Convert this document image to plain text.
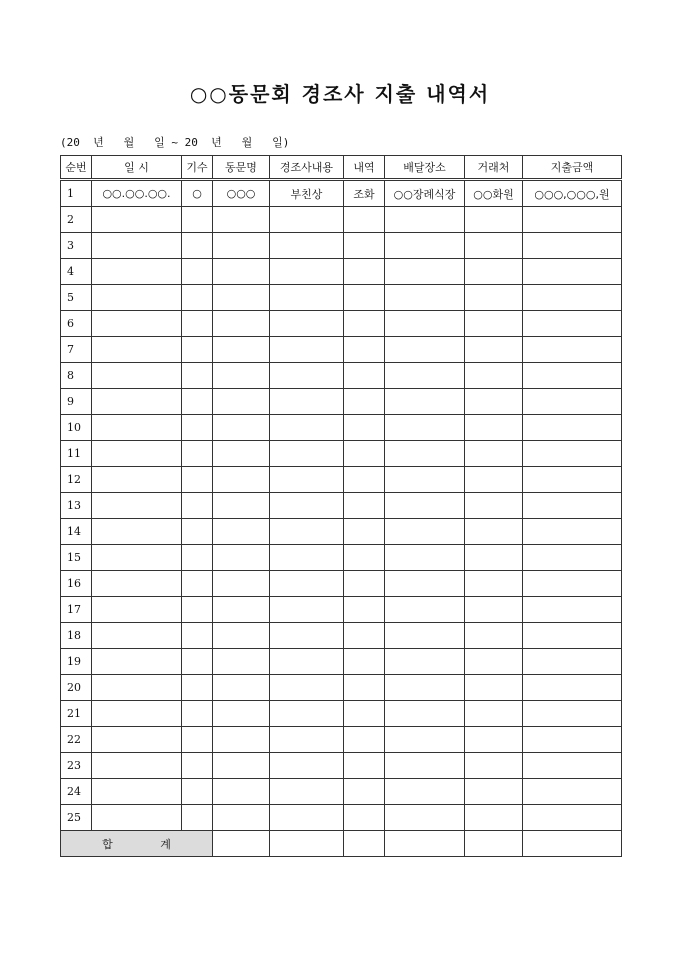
○○동문회 경조사 지출 내역서
(20  년   월   일 ~ 20  년   월   일)
순번	일 시	기수	동문명	경조사내용	내역	배달장소	거래처	지출금액
1	○○.○○.○○.	○	○○○	부친상	조화	○○장례식장	○○화원	○○○,○○○,원
2								
3								
4								
5								
6								
7								
8								
9								
10								
11								
12								
13								
14								
15								
16								
17								
18								
19								
20								
21								
22								
23								
24								
25								
합 계								
